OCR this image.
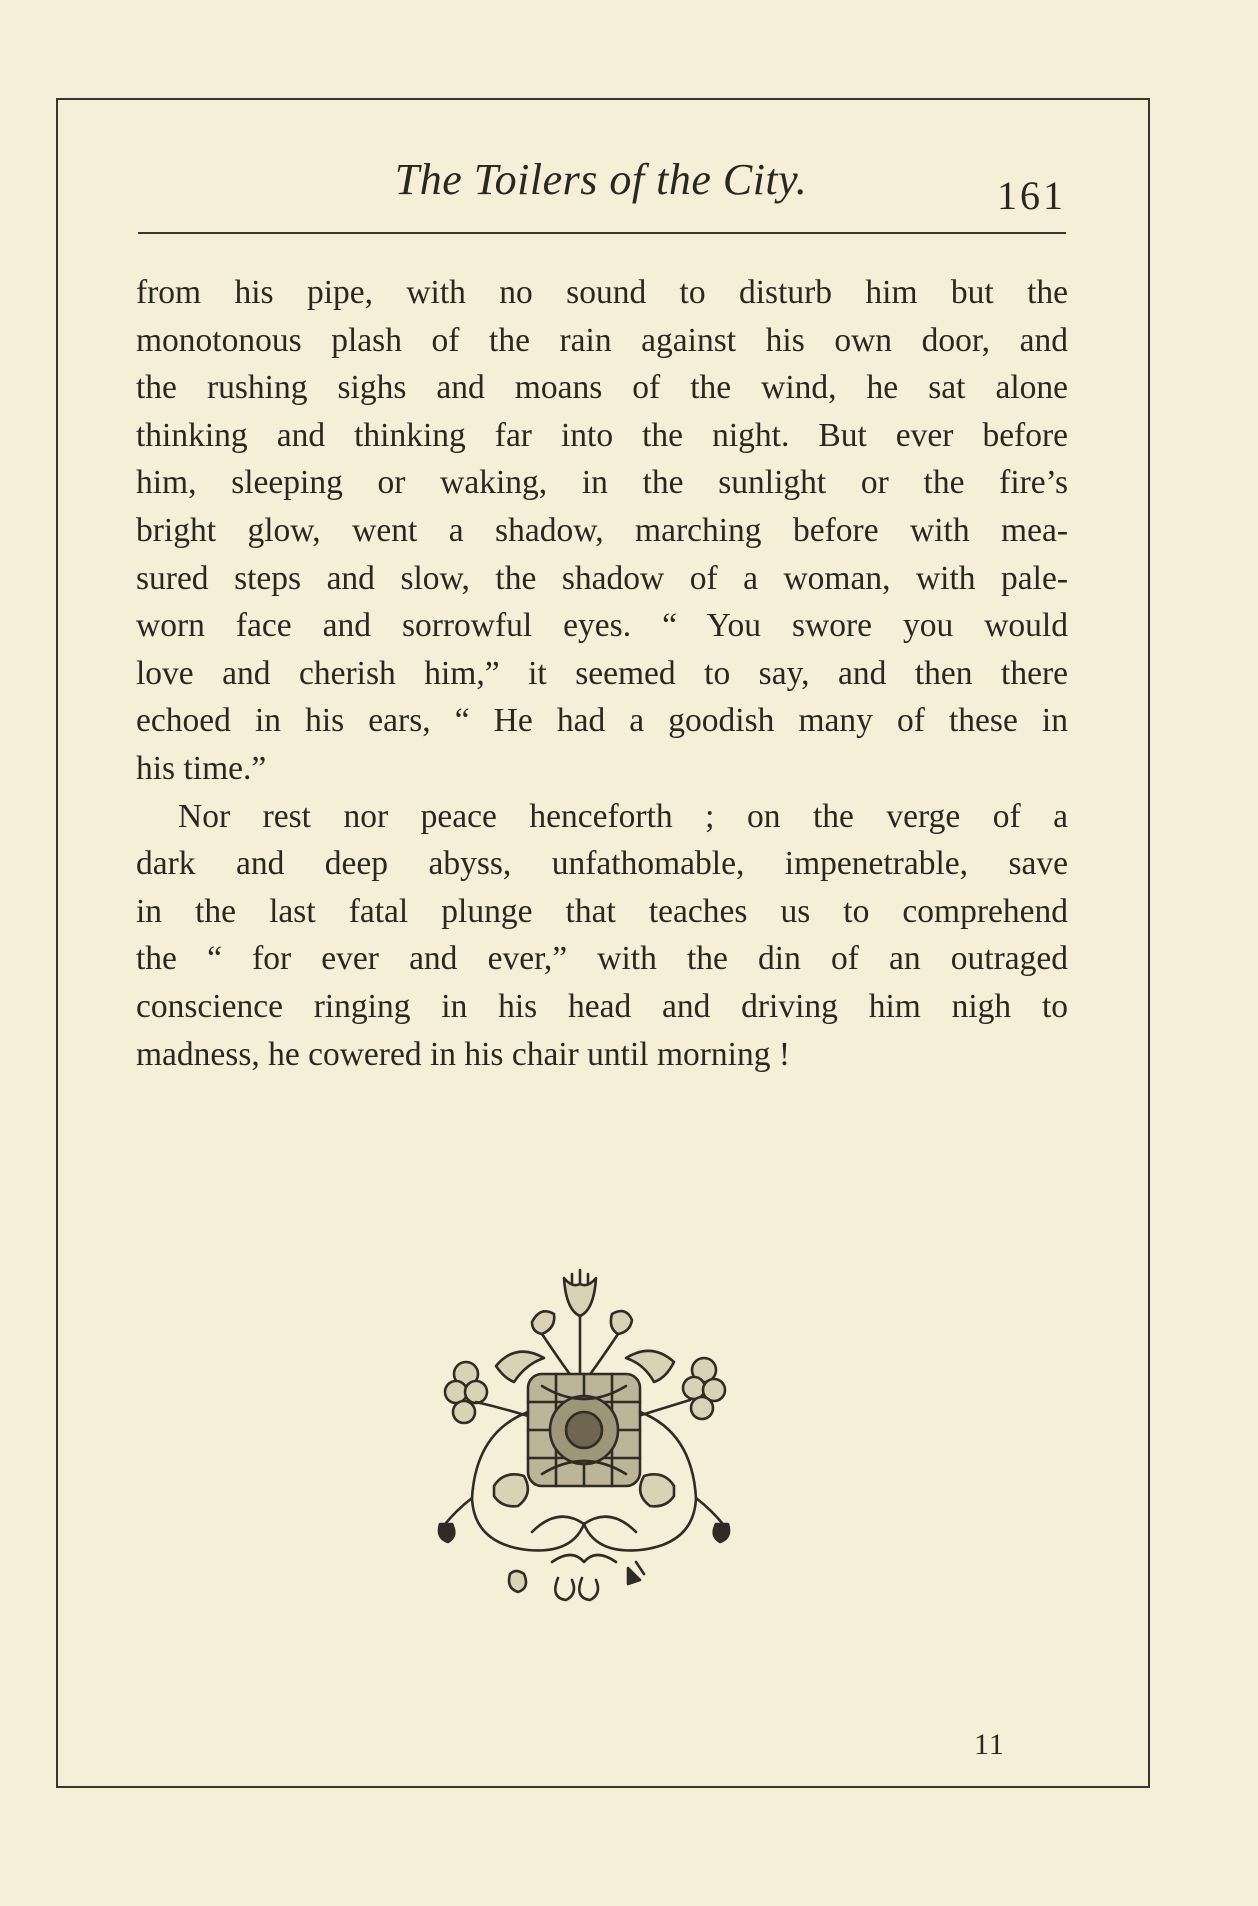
The Toilers of the City.	161

from his pipe, with no sound to disturb him but the
monotonous plash of the rain against his own door, and
the rushing sighs and moans of the wind, he sat alone
thinking and thinking far into the night. But ever before
him, sleeping or waking, in the sunlight or the fire’s
bright glow, went a shadow, marching before with mea-
sured steps and slow, the shadow of a woman, with pale-
worn face and sorrowful eyes. “ You swore you would
love and cherish him,” it seemed to say, and then there
echoed in his ears, “ He had a goodish many of these in
his time.”

Nor rest nor peace henceforth ; on the verge of a
dark and deep abyss, unfathomable, impenetrable, save
in the last fatal plunge that teaches us to comprehend
the “ for ever and ever,” with the din of an outraged
conscience ringing in his head and driving him nigh to
madness, he cowered in his chair until morning !

11
